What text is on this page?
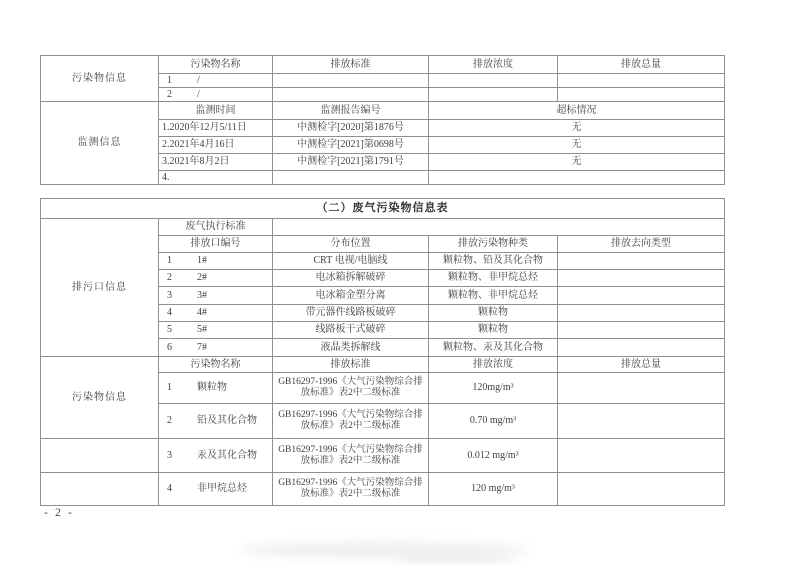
污染物信息	污染物名称	排放标准	排放浓度	排放总量

	1 /			

	2 /			

监测信息	监测时间	监测报告编号	超标情况	
	1.2020年12月5/11日	中测检字[2020]第1876号	无	
	2.2021年4月16日	中测检字[2021]第0698号	无	
	3.2021年8月2日	中测检字[2021]第1791号	无	
	4.			
（二）废气污染物信息表				
排污口信息	废气执行标准			
	排放口编号	分布位置	排放污染物种类	排放去向类型

	1 1#	CRT 电视/电脑线	颗粒物、铅及其化合物	

	2 2#	电冰箱拆解破碎	颗粒物、非甲烷总烃	

	3 3#	电冰箱金塑分离	颗粒物、非甲烷总烃	

	4 4#	带元器件线路板破碎	颗粒物	

	5 5#	线路板干式破碎	颗粒物	

	6 7#	液晶类拆解线	颗粒物、汞及其化合物	
污染物信息	污染物名称	排放标准	排放浓度	排放总量

	1 颗粒物	GB16297-1996《大气污染物综合排放标准》表2中二级标准	120mg/m³	

	2 铅及其化合物	GB16297-1996《大气污染物综合排放标准》表2中二级标准	0.70 mg/m³	

	3 汞及其化合物	GB16297-1996《大气污染物综合排放标准》表2中二级标准	0.012 mg/m³	

	4 非甲烷总烃	GB16297-1996《大气污染物综合排放标准》表2中二级标准	120 mg/m³	
- 2 -
